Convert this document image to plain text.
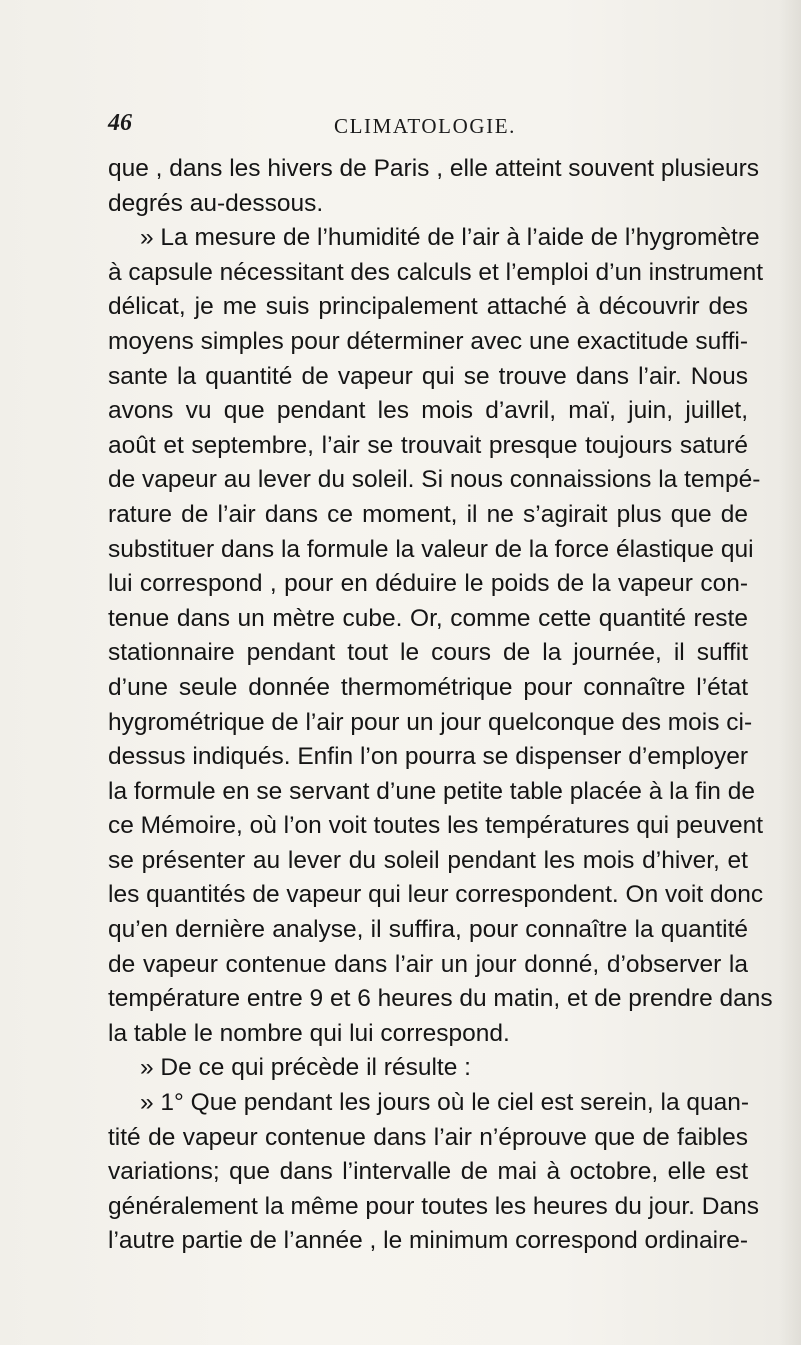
46	CLIMATOLOGIE.
que , dans les hivers de Paris , elle atteint souvent plusieurs
degrés au-dessous.
» La mesure de l’humidité de l’air à l’aide de l’hygromètre
à capsule nécessitant des calculs et l’emploi d’un instrument
délicat, je me suis principalement attaché à découvrir des
moyens simples pour déterminer avec une exactitude suffi-
sante la quantité de vapeur qui se trouve dans l’air. Nous
avons vu que pendant les mois d’avril, maï, juin, juillet,
août et septembre, l’air se trouvait presque toujours saturé
de vapeur au lever du soleil. Si nous connaissions la tempé-
rature de l’air dans ce moment, il ne s’agirait plus que de
substituer dans la formule la valeur de la force élastique qui
lui correspond , pour en déduire le poids de la vapeur con-
tenue dans un mètre cube. Or, comme cette quantité reste
stationnaire pendant tout le cours de la journée, il suffit
d’une seule donnée thermométrique pour connaître l’état
hygrométrique de l’air pour un jour quelconque des mois ci-
dessus indiqués. Enfin l’on pourra se dispenser d’employer
la formule en se servant d’une petite table placée à la fin de
ce Mémoire, où l’on voit toutes les températures qui peuvent
se présenter au lever du soleil pendant les mois d’hiver, et
les quantités de vapeur qui leur correspondent. On voit donc
qu’en dernière analyse, il suffira, pour connaître la quantité
de vapeur contenue dans l’air un jour donné, d’observer la
température entre 9 et 6 heures du matin, et de prendre dans
la table le nombre qui lui correspond.
» De ce qui précède il résulte :
» 1° Que pendant les jours où le ciel est serein, la quan-
tité de vapeur contenue dans l’air n’éprouve que de faibles
variations; que dans l’intervalle de mai à octobre, elle est
généralement la même pour toutes les heures du jour. Dans
l’autre partie de l’année , le minimum correspond ordinaire-
